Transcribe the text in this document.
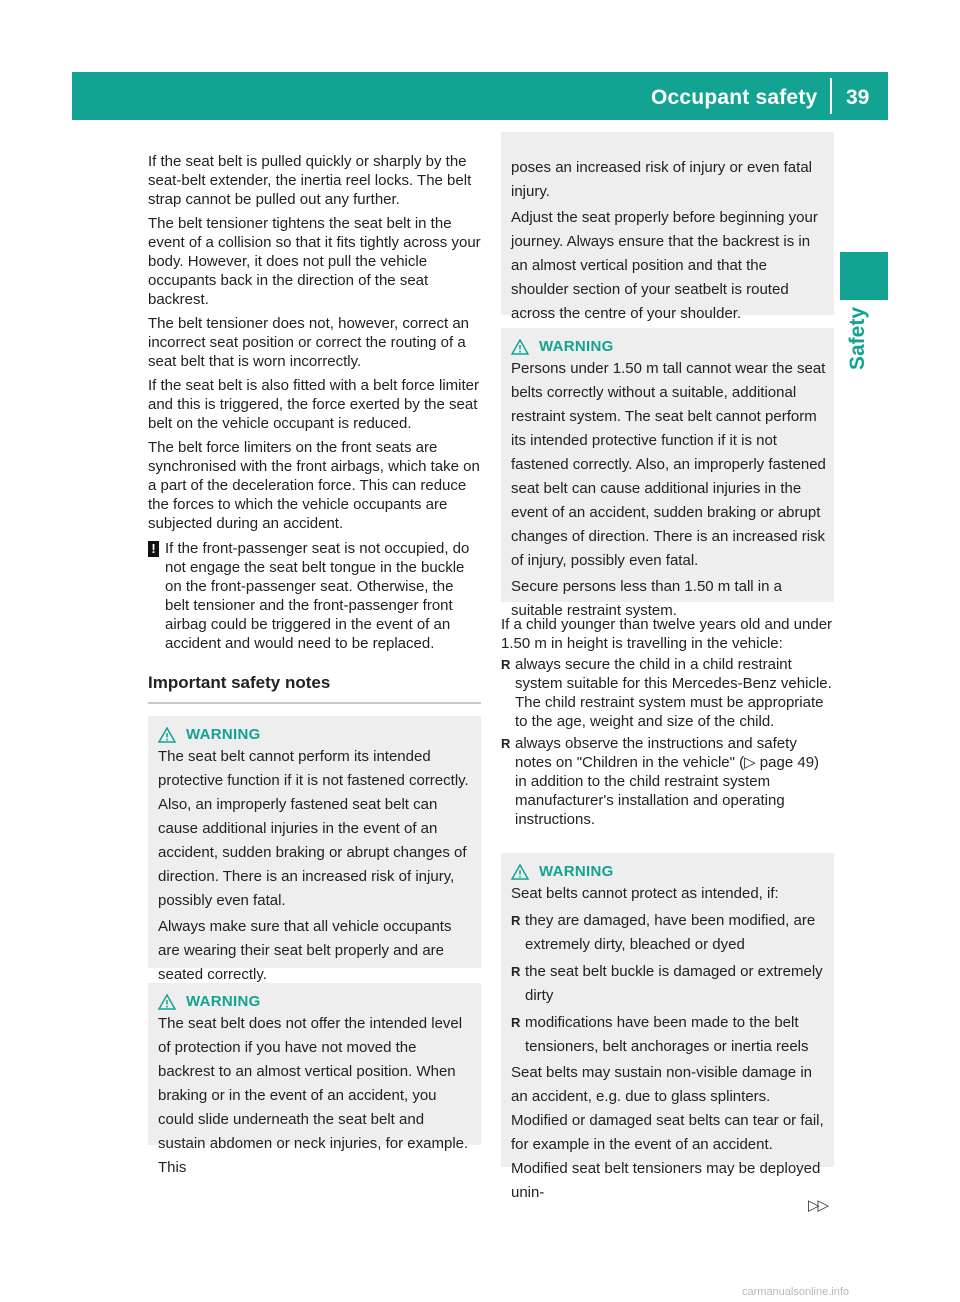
Occupant safety 39
Safety

If the seat belt is pulled quickly or sharply by the seat-belt extender, the inertia reel locks. The belt strap cannot be pulled out any further.

The belt tensioner tightens the seat belt in the event of a collision so that it fits tightly across your body. However, it does not pull the vehicle occupants back in the direction of the seat backrest.

The belt tensioner does not, however, correct an incorrect seat position or correct the routing of a seat belt that is worn incorrectly.

If the seat belt is also fitted with a belt force limiter and this is triggered, the force exerted by the seat belt on the vehicle occupant is reduced.

The belt force limiters on the front seats are synchronised with the front airbags, which take on a part of the deceleration force. This can reduce the forces to which the vehicle occupants are subjected during an accident.

! If the front-passenger seat is not occupied, do not engage the seat belt tongue in the buckle on the front-passenger seat. Otherwise, the belt tensioner and the front-passenger front airbag could be triggered in the event of an accident and would need to be replaced.

Important safety notes
WARNING

The seat belt cannot perform its intended protective function if it is not fastened correctly. Also, an improperly fastened seat belt can cause additional injuries in the event of an accident, sudden braking or abrupt changes of direction. There is an increased risk of injury, possibly even fatal.

Always make sure that all vehicle occupants are wearing their seat belt properly and are seated correctly.

WARNING

The seat belt does not offer the intended level of protection if you have not moved the backrest to an almost vertical position. When braking or in the event of an accident, you could slide underneath the seat belt and sustain abdomen or neck injuries, for example. This

poses an increased risk of injury or even fatal injury.

Adjust the seat properly before beginning your journey. Always ensure that the backrest is in an almost vertical position and that the shoulder section of your seatbelt is routed across the centre of your shoulder.

WARNING

Persons under 1.50 m tall cannot wear the seat belts correctly without a suitable, additional restraint system. The seat belt cannot perform its intended protective function if it is not fastened correctly. Also, an improperly fastened seat belt can cause additional injuries in the event of an accident, sudden braking or abrupt changes of direction. There is an increased risk of injury, possibly even fatal.

Secure persons less than 1.50 m tall in a suitable restraint system.

If a child younger than twelve years old and under 1.50 m in height is travelling in the vehicle:

R always secure the child in a child restraint system suitable for this Mercedes-Benz vehicle. The child restraint system must be appropriate to the age, weight and size of the child.
R always observe the instructions and safety notes on "Children in the vehicle" (▷ page 49) in addition to the child restraint system manufacturer's installation and operating instructions.
WARNING

Seat belts cannot protect as intended, if:

R they are damaged, have been modified, are extremely dirty, bleached or dyed
R the seat belt buckle is damaged or extremely dirty
R modifications have been made to the belt tensioners, belt anchorages or inertia reels

Seat belts may sustain non-visible damage in an accident, e.g. due to glass splinters. Modified or damaged seat belts can tear or fail, for example in the event of an accident. Modified seat belt tensioners may be deployed unin-

▷▷
carmanualsonline.info
